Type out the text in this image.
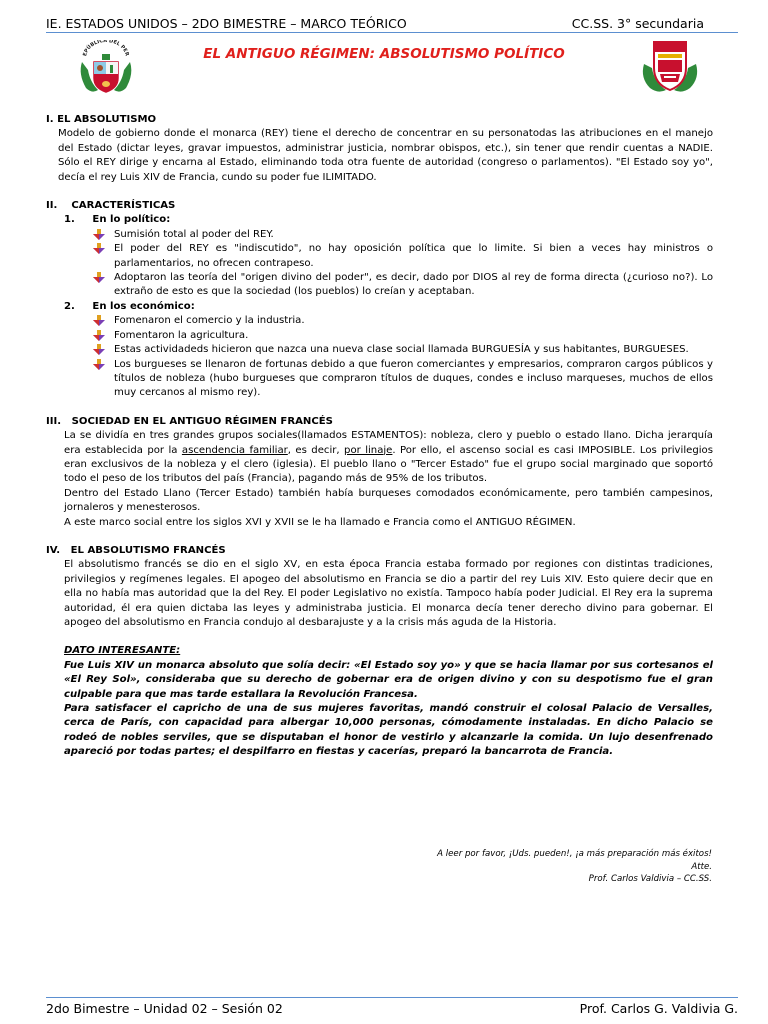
IE. ESTADOS UNIDOS – 2DO BIMESTRE – MARCO TEÓRICO	CC.SS. 3° secundaria
EPÚBLICA DEL PER	EL ANTIGUO RÉGIMEN: ABSOLUTISMO POLÍTICO

I. EL ABSOLUTISMO

Modelo de gobierno donde el monarca (REY) tiene el derecho de concentrar en su personatodas las atribuciones en el manejo del Estado (dictar leyes, gravar impuestos, administrar justicia, nombrar obispos, etc.), sin tener que rendir cuentas a NADIE. Sólo el REY dirige y encarna al Estado, eliminando toda otra fuente de autoridad (congreso o parlamentos). "El Estado soy yo", decía el rey Luis XIV de Francia, cundo su poder fue ILIMITADO.

II.    CARACTERÍSTICAS

1.     En lo político:

Sumisión total al poder del REY.
El poder del REY es "indiscutido", no hay oposición política que lo limite. Si bien a veces hay ministros o parlamentarios, no ofrecen contrapeso.
Adoptaron las teoría del "origen divino del poder", es decir, dado por DIOS al rey de forma directa (¿curioso no?). Lo extraño de esto es que la sociedad (los pueblos) lo creían y aceptaban.

2.     En los económico:

Fomenaron el comercio y la industria.
Fomentaron la agricultura.
Estas actividadeds hicieron que nazca una nueva clase social llamada BURGUESÍA y sus habitantes, BURGUESES.
Los burgueses se llenaron de fortunas debido a que fueron comerciantes y empresarios, compraron cargos públicos y títulos de nobleza (hubo burgueses que compraron títulos de duques, condes e incluso marqueses, muchos de ellos muy cercanos al mismo rey).

III.   SOCIEDAD EN EL ANTIGUO RÉGIMEN FRANCÉS

La se dividía en tres grandes grupos sociales(llamados ESTAMENTOS): nobleza, clero y pueblo o estado llano. Dicha jerarquía era establecida por la ascendencia familiar, es decir, por linaje. Por ello, el ascenso social es casi IMPOSIBLE. Los privilegios eran exclusivos de la nobleza y el clero (iglesia). El pueblo llano o "Tercer Estado" fue el grupo social marginado que soportó todo el peso de los tributos del país (Francia), pagando más de 95% de los tributos.

Dentro del Estado Llano (Tercer Estado) también había burqueses comodados económicamente, pero también campesinos, jornaleros y menesterosos.

A este marco social entre los siglos XVI y XVII se le ha llamado e Francia como el ANTIGUO RÉGIMEN.

IV.   EL ABSOLUTISMO FRANCÉS

El absolutismo francés se dio en el siglo XV, en esta época Francia estaba formado por regiones con distintas tradiciones, privilegios y regímenes legales. El apogeo del absolutismo en Francia se dio a partir del rey Luis XIV. Esto quiere decir que en ella no había mas autoridad que la del Rey. El poder Legislativo no existía. Tampoco había poder Judicial. El Rey era la suprema autoridad, él era quien dictaba las leyes y administraba justicia. El monarca decía tener derecho divino para gobernar. El apogeo del absolutismo en Francia condujo al desbarajuste y a la crisis más aguda de la Historia.

DATO INTERESANTE:

Fue Luis XIV un monarca absoluto que solía decir: «El Estado soy yo» y que se hacia llamar por sus cortesanos el «El Rey Sol», consideraba que su derecho de gobernar era de origen divino y con su despotismo fue el gran culpable para que mas tarde estallara la Revolución Francesa.

Para satisfacer el capricho de una de sus mujeres favoritas, mandó construir el colosal Palacio de Versalles, cerca de París, con capacidad para albergar 10,000 personas, cómodamente instaladas. En dicho Palacio se rodeó de nobles serviles, que se disputaban el honor de vestirlo y alcanzarle la comida. Un lujo desenfrenado apareció por todas partes; el despilfarro en fiestas y cacerías, preparó la bancarrota de Francia.

A leer por favor, ¡Uds. pueden!, ¡a más preparación más éxitos!
Atte.
Prof. Carlos Valdivia – CC.SS.
2do Bimestre – Unidad 02 – Sesión 02	Prof. Carlos G. Valdivia G.
